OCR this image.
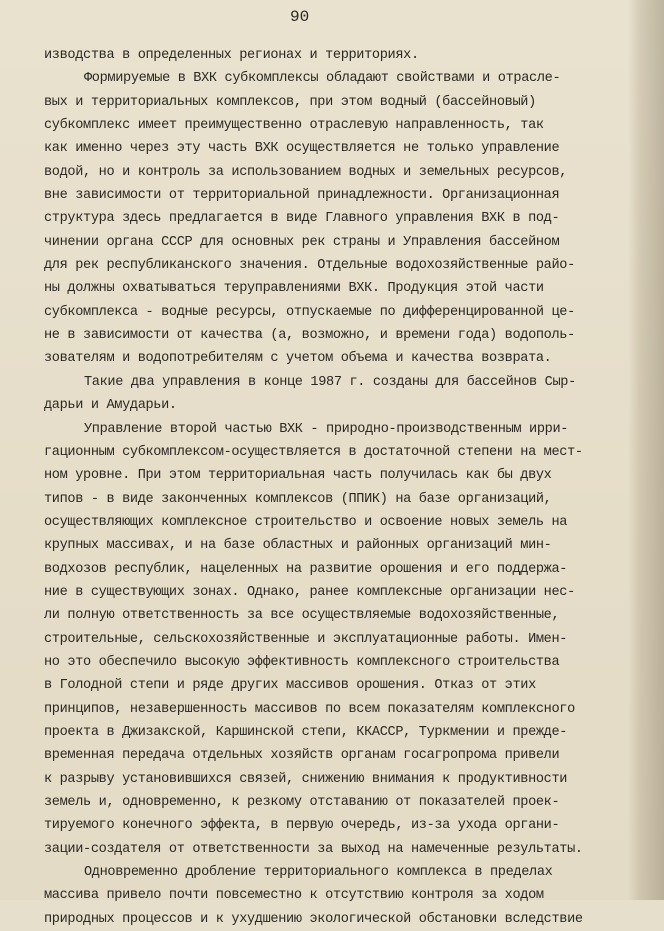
90
изводства в определенных регионах и территориях.
Формируемые в ВХК субкомплексы обладают свойствами и отрасле-
вых и территориальных комплексов, при этом водный (бассейновый)
субкомплекс имеет преимущественно отраслевую направленность, так
как именно через эту часть ВХК осуществляется не только управление
водой, но и контроль за использованием водных и земельных ресурсов,
вне зависимости от территориальной принадлежности. Организационная
структура здесь предлагается в виде Главного управления ВХК в под-
чинении органа СССР для основных рек страны и Управления бассейном
для рек республиканского значения. Отдельные водохозяйственные райо-
ны должны охватываться теруправлениями ВХК. Продукция этой части
субкомплекса - водные ресурсы, отпускаемые по дифференцированной це-
не в зависимости от качества (а, возможно, и времени года) водополь-
зователям и водопотребителям с учетом объема и качества возврата.
Такие два управления в конце 1987 г. созданы для бассейнов Сыр-
дарьи и Амударьи.
Управление второй частью ВХК - природно-производственным ирри-
гационным субкомплексом-осуществляется в достаточной степени на мест-
ном уровне. При этом территориальная часть получилась как бы двух
типов - в виде законченных комплексов (ППИК) на базе организаций,
осуществляющих комплексное строительство и освоение новых земель на
крупных массивах, и на базе областных и районных организаций мин-
водхозов республик, нацеленных на развитие орошения и его поддержа-
ние в существующих зонах. Однако, ранее комплексные организации нес-
ли полную ответственность за все осуществляемые водохозяйственные,
строительные, сельскохозяйственные и эксплуатационные работы. Имен-
но это обеспечило высокую эффективность комплексного строительства
в Голодной степи и ряде других массивов орошения. Отказ от этих
принципов, незавершенность массивов по всем показателям комплексного
проекта в Джизакской, Каршинской степи, ККАССР, Туркмении и прежде-
временная передача отдельных хозяйств органам госагропрома привели
к разрыву установившихся связей, снижению внимания к продуктивности
земель и, одновременно, к резкому отставанию от показателей проек-
тируемого конечного эффекта, в первую очередь, из-за ухода органи-
зации-создателя от ответственности за выход на намеченные результаты.
Одновременно дробление территориального комплекса в пределах
массива привело почти повсеместно к отсутствию контроля за ходом
природных процессов и к ухудшению экологической обстановки вследствие
